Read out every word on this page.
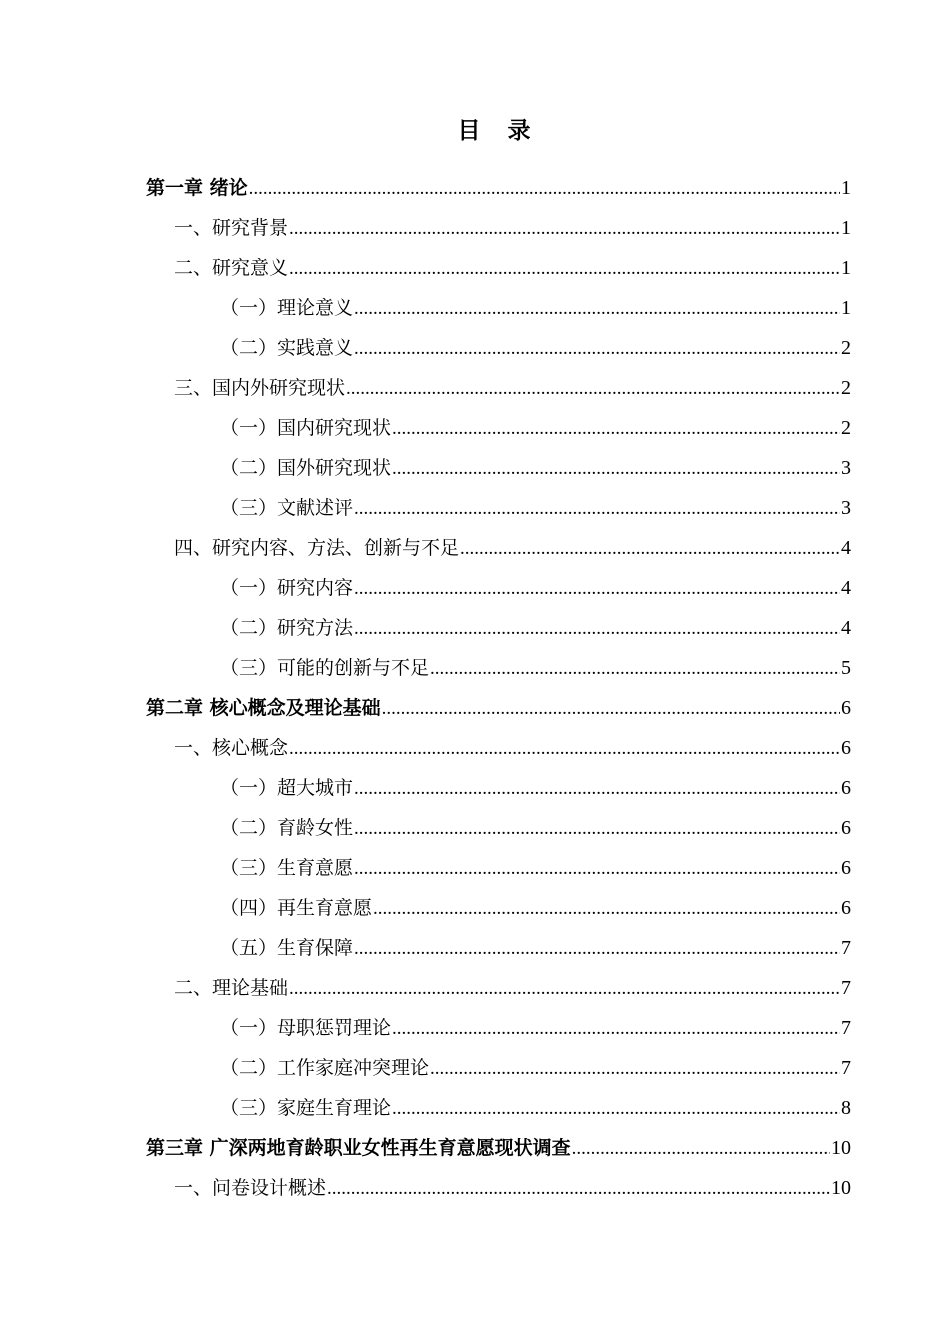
目　录
第一章 绪论 .....	1
一、研究背景 .....	1
二、研究意义 .....	1
（一）理论意义 .....	1
（二）实践意义 .....	2
三、国内外研究现状 .....	2
（一）国内研究现状 .....	2
（二）国外研究现状 .....	3
（三）文献述评 .....	3
四、研究内容、方法、创新与不足 .....	4
（一）研究内容 .....	4
（二）研究方法 .....	4
（三）可能的创新与不足 .....	5
第二章 核心概念及理论基础 .....	6
一、核心概念 .....	6
（一）超大城市 .....	6
（二）育龄女性 .....	6
（三）生育意愿 .....	6
（四）再生育意愿 .....	6
（五）生育保障 .....	7
二、理论基础 .....	7
（一）母职惩罚理论 .....	7
（二）工作家庭冲突理论 .....	7
（三）家庭生育理论 .....	8
第三章 广深两地育龄职业女性再生育意愿现状调查 .....	10
一、问卷设计概述 .....	10
